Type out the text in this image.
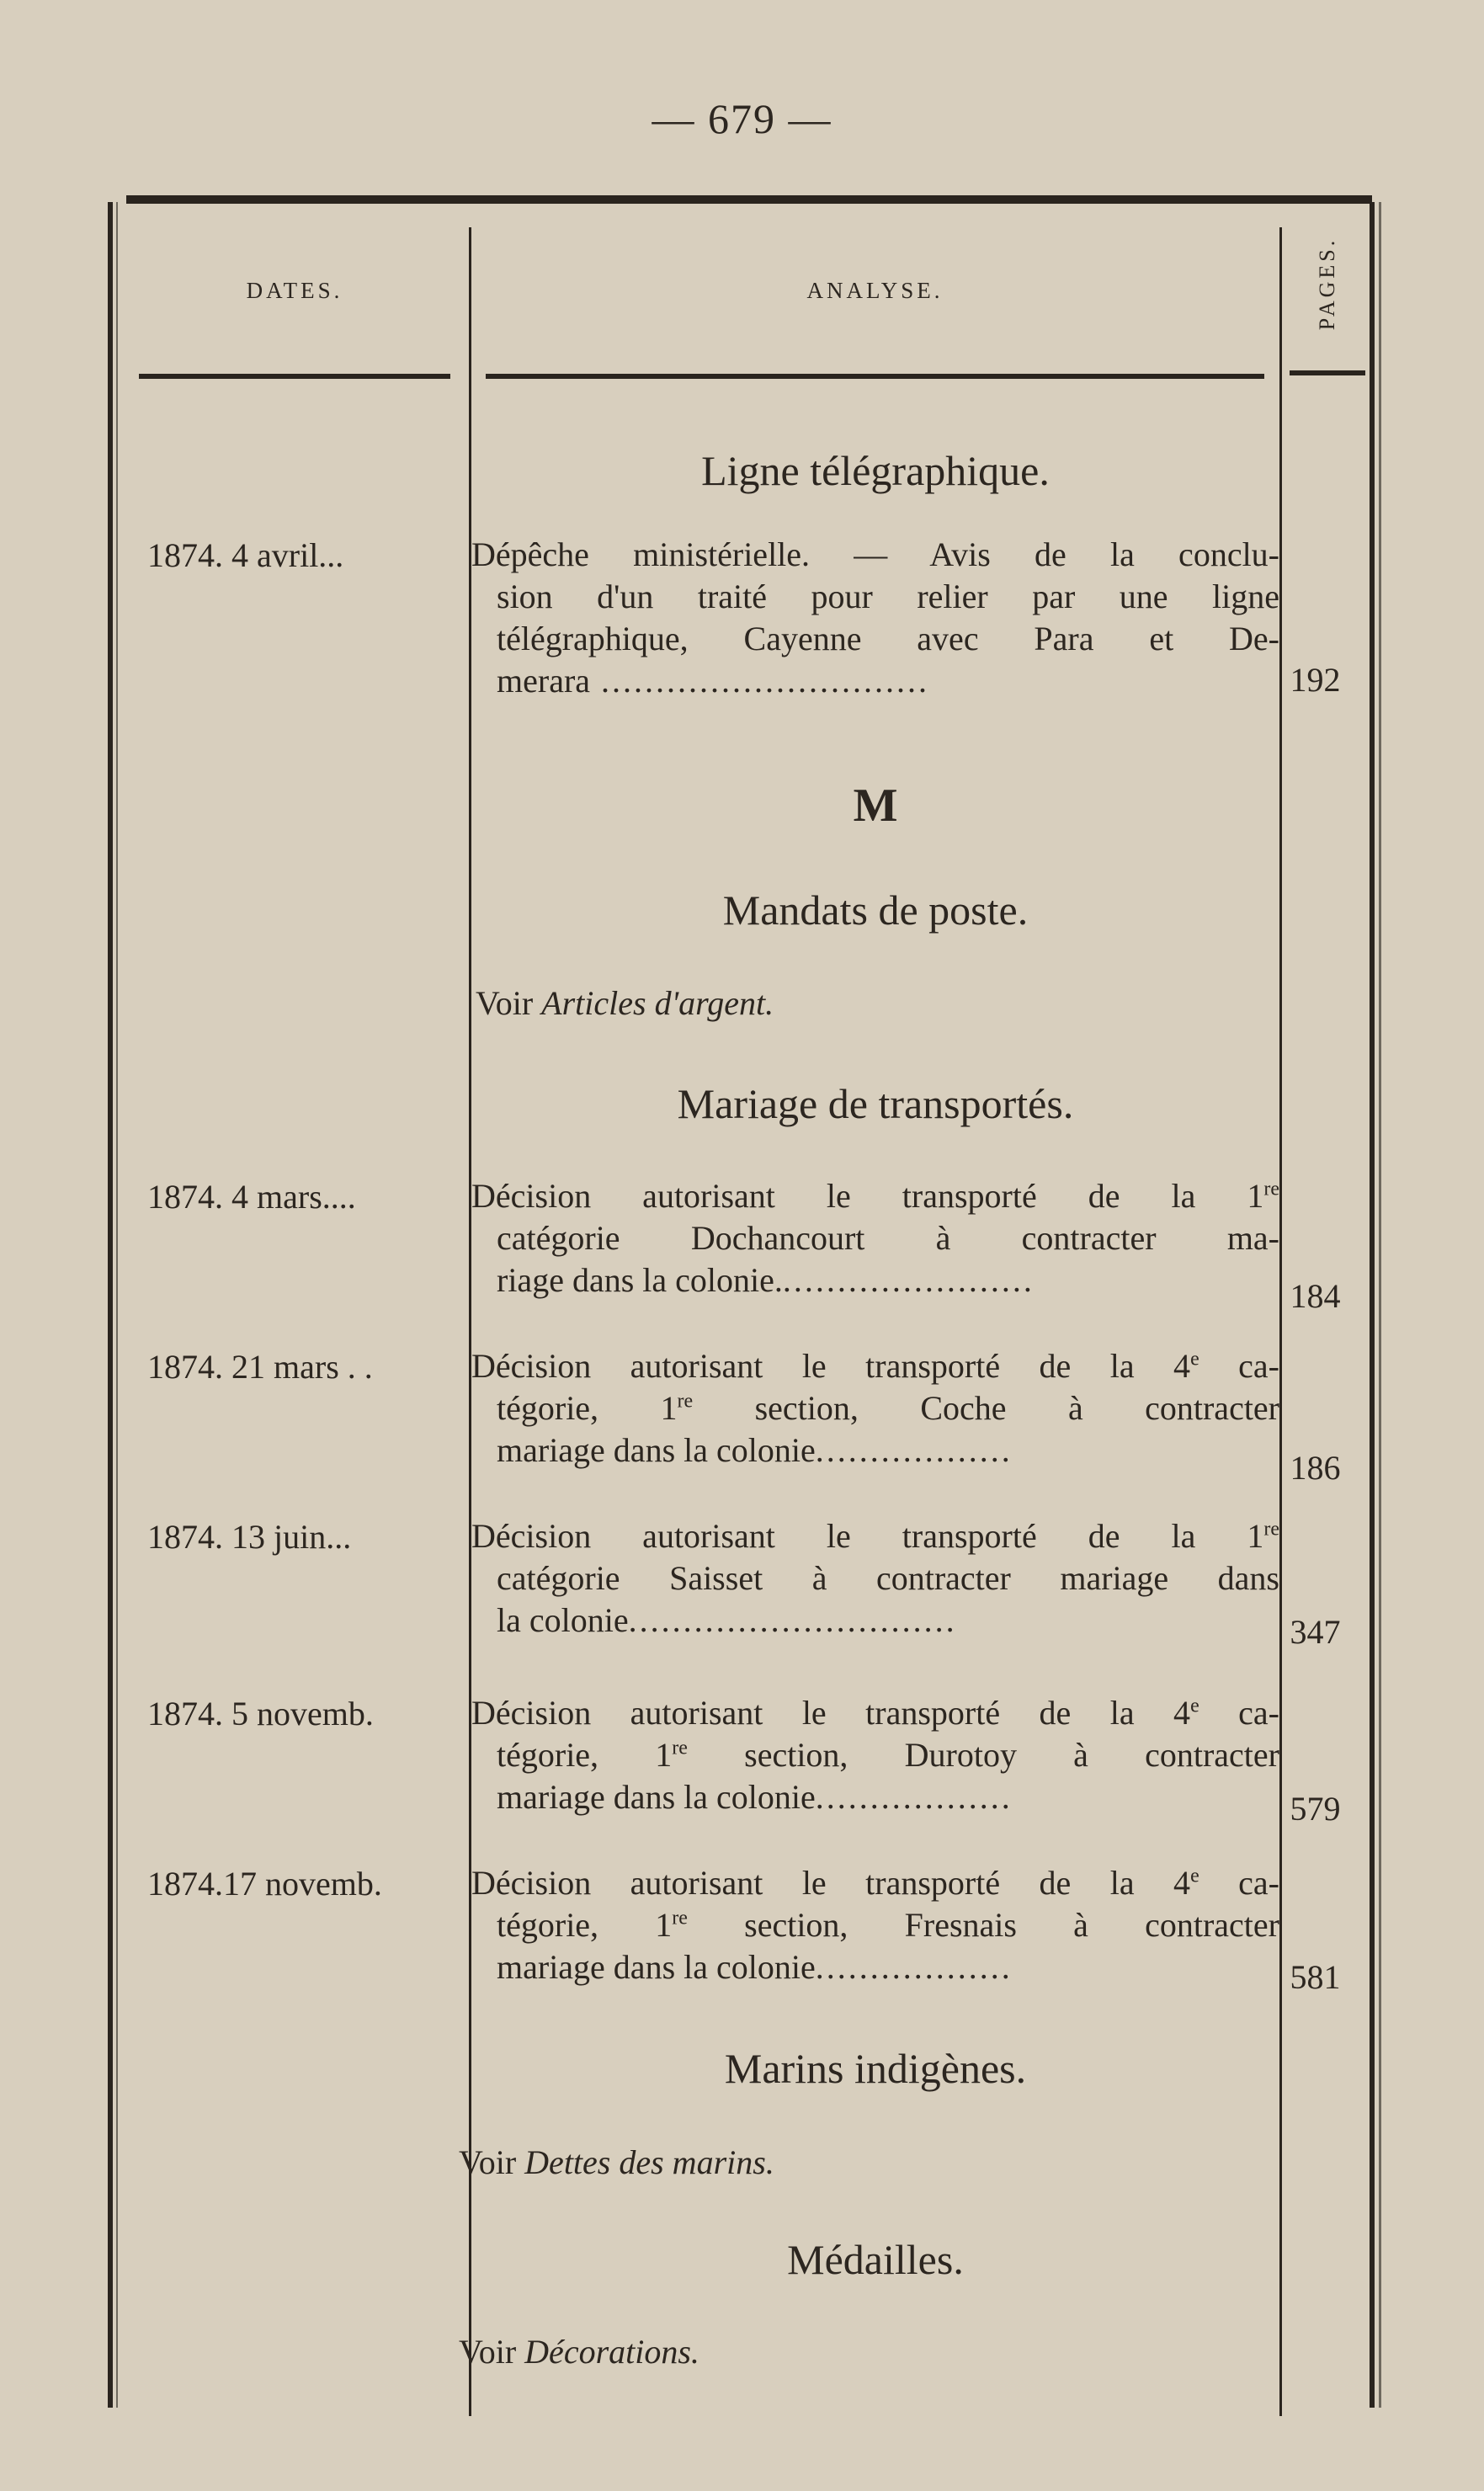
— 679 —
DATES.	ANALYSE.	PAGES.
Ligne télégraphique.
1874. 4 avril...	Dépêche ministérielle. — Avis de la conclu-
sion d'un traité pour relier par une ligne
télégraphique, Cayenne avec Para et De-
merara ..............................	192
M
Mandats de poste.
Voir Articles d'argent.
Mariage de transportés.
1874. 4 mars....	Décision autorisant le transporté de la 1re
catégorie Dochancourt à contracter ma-
riage dans la colonie........................	184
1874. 21 mars . .	Décision autorisant le transporté de la 4e ca-
tégorie, 1re section, Coche à contracter
mariage dans la colonie..................	186
1874. 13 juin...	Décision autorisant le transporté de la 1re
catégorie Saisset à contracter mariage dans
la colonie..............................	347
1874. 5 novemb.	Décision autorisant le transporté de la 4e ca-
tégorie, 1re section, Durotoy à contracter
mariage dans la colonie..................	579
1874.17 novemb.	Décision autorisant le transporté de la 4e ca-
tégorie, 1re section, Fresnais à contracter
mariage dans la colonie..................	581
Marins indigènes.
Voir Dettes des marins.
Médailles.
Voir Décorations.
